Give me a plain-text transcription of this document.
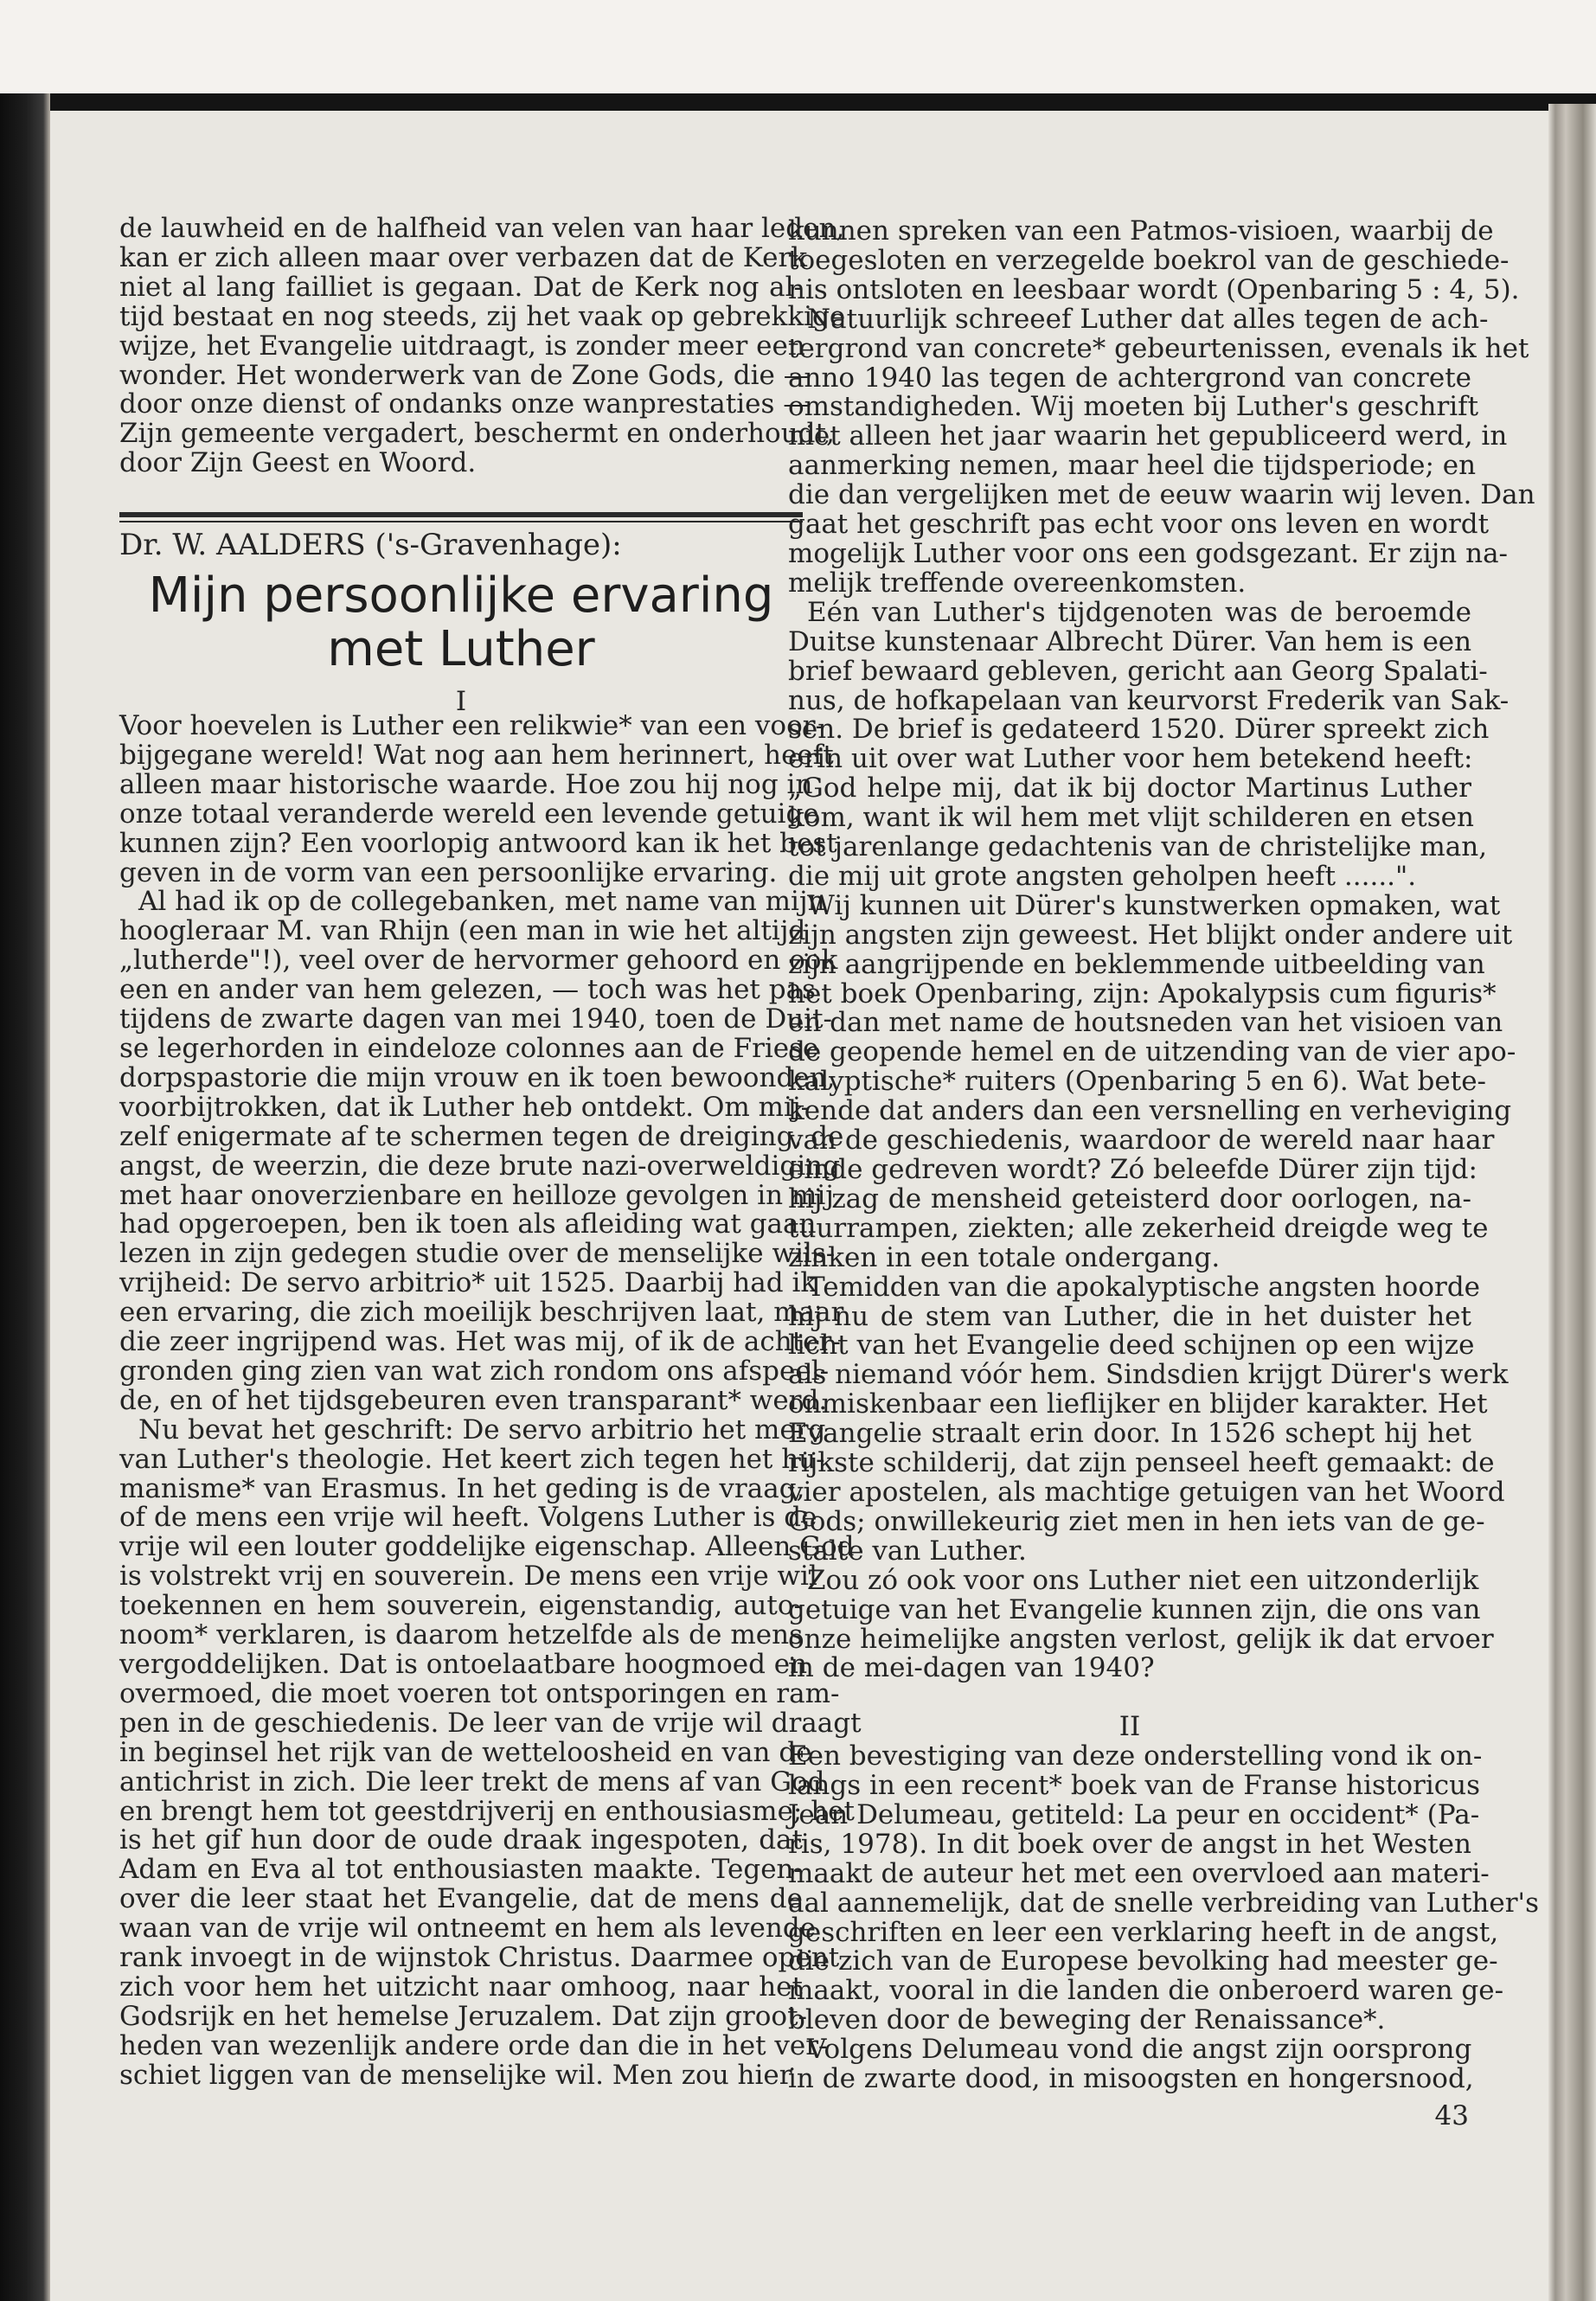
de lauwheid en de halfheid van velen van haar leden,
kan er zich alleen maar over verbazen dat de Kerk
niet al lang failliet is gegaan. Dat de Kerk nog al-
tijd bestaat en nog steeds, zij het vaak op gebrekkige
wijze, het Evangelie uitdraagt, is zonder meer een
wonder. Het wonderwerk van de Zone Gods, die —
door onze dienst of ondanks onze wanprestaties —
Zijn gemeente vergadert, beschermt en onderhoudt,
door Zijn Geest en Woord.
Dr. W. AALDERS ('s-Gravenhage):
Mijn persoonlijke ervaring
met Luther
I
Voor hoevelen is Luther een relikwie* van een voor-
bijgegane wereld! Wat nog aan hem herinnert, heeft
alleen maar historische waarde. Hoe zou hij nog in
onze totaal veranderde wereld een levende getuige
kunnen zijn? Een voorlopig antwoord kan ik het best
geven in de vorm van een persoonlijke ervaring.
Al had ik op de collegebanken, met name van mijn
hoogleraar M. van Rhijn (een man in wie het altijd
„lutherde"!), veel over de hervormer gehoord en ook
een en ander van hem gelezen, — toch was het pas
tijdens de zwarte dagen van mei 1940, toen de Duit-
se legerhorden in eindeloze colonnes aan de Friese
dorpspastorie die mijn vrouw en ik toen bewoonden,
voorbijtrokken, dat ik Luther heb ontdekt. Om mij-
zelf enigermate af te schermen tegen de dreiging, de
angst, de weerzin, die deze brute nazi-overweldiging
met haar onoverzienbare en heilloze gevolgen in mij
had opgeroepen, ben ik toen als afleiding wat gaan
lezen in zijn gedegen studie over de menselijke wils-
vrijheid: De servo arbitrio* uit 1525. Daarbij had ik
een ervaring, die zich moeilijk beschrijven laat, maar
die zeer ingrijpend was. Het was mij, of ik de achter-
gronden ging zien van wat zich rondom ons afspeel-
de, en of het tijdsgebeuren even transparant* werd.
Nu bevat het geschrift: De servo arbitrio het merg
van Luther's theologie. Het keert zich tegen het hu-
manisme* van Erasmus. In het geding is de vraag,
of de mens een vrije wil heeft. Volgens Luther is de
vrije wil een louter goddelijke eigenschap. Alleen God
is volstrekt vrij en souverein. De mens een vrije wil
toekennen en hem souverein, eigenstandig, auto-
noom* verklaren, is daarom hetzelfde als de mens
vergoddelijken. Dat is ontoelaatbare hoogmoed en
overmoed, die moet voeren tot ontsporingen en ram-
pen in de geschiedenis. De leer van de vrije wil draagt
in beginsel het rijk van de wetteloosheid en van de
antichrist in zich. Die leer trekt de mens af van God
en brengt hem tot geestdrijverij en enthousiasme; het
is het gif hun door de oude draak ingespoten, dat
Adam en Eva al tot enthousiasten maakte. Tegen-
over die leer staat het Evangelie, dat de mens de
waan van de vrije wil ontneemt en hem als levende
rank invoegt in de wijnstok Christus. Daarmee opent
zich voor hem het uitzicht naar omhoog, naar het
Godsrijk en het hemelse Jeruzalem. Dat zijn groot-
heden van wezenlijk andere orde dan die in het ver-
schiet liggen van de menselijke wil. Men zou hier
kunnen spreken van een Patmos-visioen, waarbij de
toegesloten en verzegelde boekrol van de geschiede-
nis ontsloten en leesbaar wordt (Openbaring 5 : 4, 5).
Natuurlijk schreeef Luther dat alles tegen de ach-
tergrond van concrete* gebeurtenissen, evenals ik het
anno 1940 las tegen de achtergrond van concrete
omstandigheden. Wij moeten bij Luther's geschrift
niet alleen het jaar waarin het gepubliceerd werd, in
aanmerking nemen, maar heel die tijdsperiode; en
die dan vergelijken met de eeuw waarin wij leven. Dan
gaat het geschrift pas echt voor ons leven en wordt
mogelijk Luther voor ons een godsgezant. Er zijn na-
melijk treffende overeenkomsten.
Eén van Luther's tijdgenoten was de beroemde
Duitse kunstenaar Albrecht Dürer. Van hem is een
brief bewaard gebleven, gericht aan Georg Spalati-
nus, de hofkapelaan van keurvorst Frederik van Sak-
sen. De brief is gedateerd 1520. Dürer spreekt zich
erin uit over wat Luther voor hem betekend heeft:
„God helpe mij, dat ik bij doctor Martinus Luther
kom, want ik wil hem met vlijt schilderen en etsen
tot jarenlange gedachtenis van de christelijke man,
die mij uit grote angsten geholpen heeft ......".
Wij kunnen uit Dürer's kunstwerken opmaken, wat
zijn angsten zijn geweest. Het blijkt onder andere uit
zijn aangrijpende en beklemmende uitbeelding van
het boek Openbaring, zijn: Apokalypsis cum figuris*
en dan met name de houtsneden van het visioen van
de geopende hemel en de uitzending van de vier apo-
kalyptische* ruiters (Openbaring 5 en 6). Wat bete-
kende dat anders dan een versnelling en verheviging
van de geschiedenis, waardoor de wereld naar haar
einde gedreven wordt? Zó beleefde Dürer zijn tijd:
hij zag de mensheid geteisterd door oorlogen, na-
tuurrampen, ziekten; alle zekerheid dreigde weg te
zinken in een totale ondergang.
Temidden van die apokalyptische angsten hoorde
hij nu de stem van Luther, die in het duister het
licht van het Evangelie deed schijnen op een wijze
als niemand vóór hem. Sindsdien krijgt Dürer's werk
onmiskenbaar een lieflijker en blijder karakter. Het
Evangelie straalt erin door. In 1526 schept hij het
rijkste schilderij, dat zijn penseel heeft gemaakt: de
vier apostelen, als machtige getuigen van het Woord
Gods; onwillekeurig ziet men in hen iets van de ge-
stalte van Luther.
Zou zó ook voor ons Luther niet een uitzonderlijk
getuige van het Evangelie kunnen zijn, die ons van
onze heimelijke angsten verlost, gelijk ik dat ervoer
in de mei-dagen van 1940?

II
Een bevestiging van deze onderstelling vond ik on-
langs in een recent* boek van de Franse historicus
Jean Delumeau, getiteld: La peur en occident* (Pa-
ris, 1978). In dit boek over de angst in het Westen
maakt de auteur het met een overvloed aan materi-
aal aannemelijk, dat de snelle verbreiding van Luther's
geschriften en leer een verklaring heeft in de angst,
die zich van de Europese bevolking had meester ge-
maakt, vooral in die landen die onberoerd waren ge-
bleven door de beweging der Renaissance*.
Volgens Delumeau vond die angst zijn oorsprong
in de zwarte dood, in misoogsten en hongersnood,
43
